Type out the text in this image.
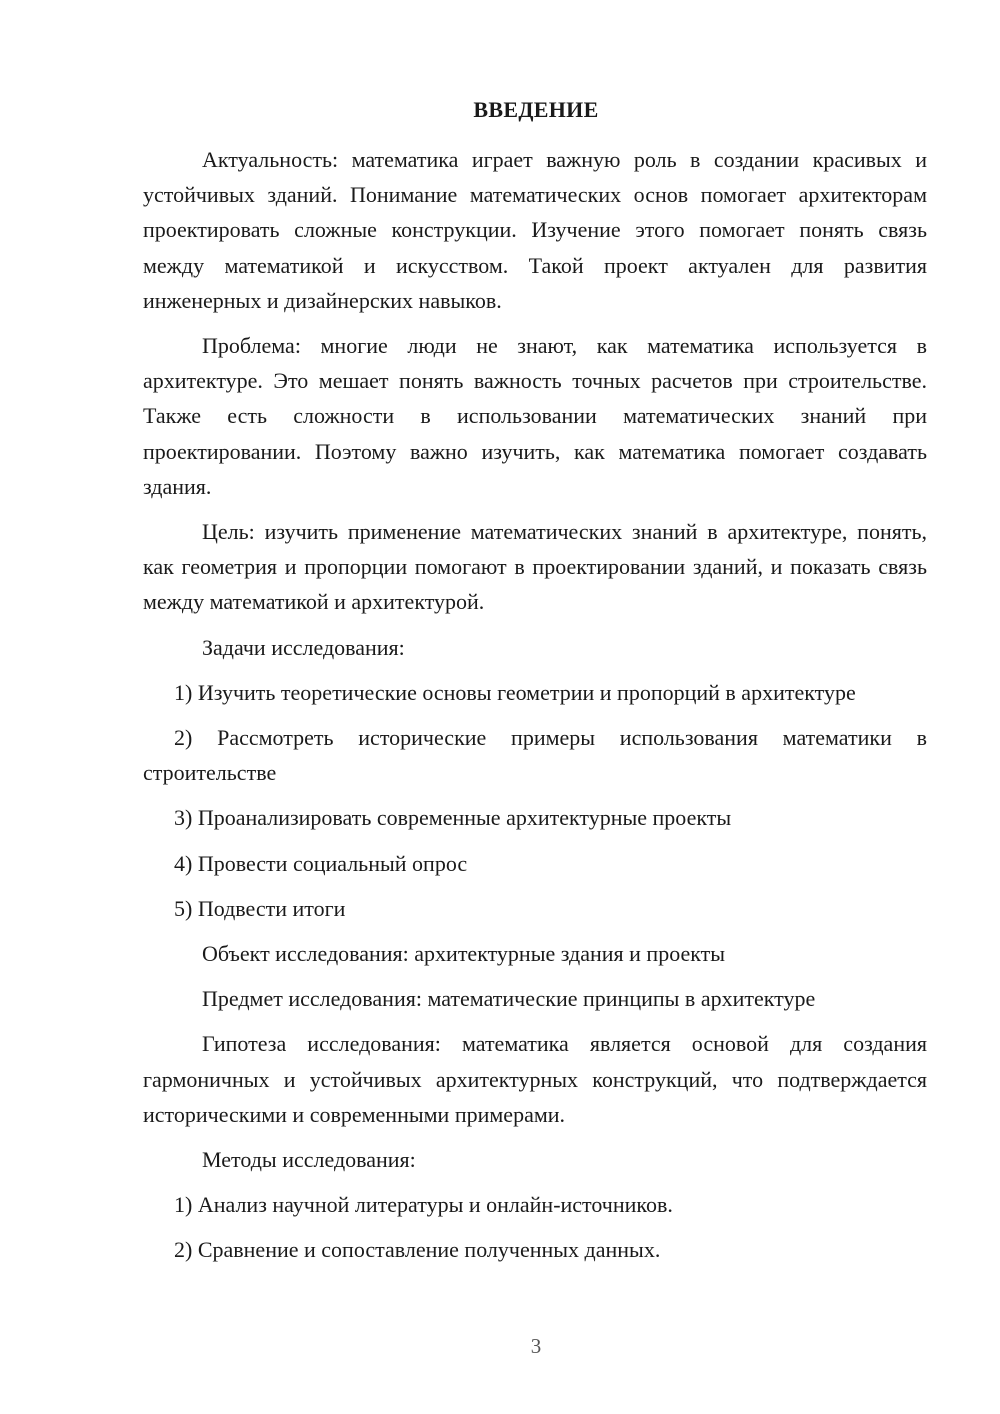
ВВЕДЕНИЕ

Актуальность: математика играет важную роль в создании красивых и устойчивых зданий. Понимание математических основ помогает архитекторам проектировать сложные конструкции. Изучение этого помогает понять связь между математикой и искусством. Такой проект актуален для развития инженерных и дизайнерских навыков.

Проблема: многие люди не знают, как математика используется в архитектуре. Это мешает понять важность точных расчетов при строительстве. Также есть сложности в использовании математических знаний при проектировании. Поэтому важно изучить, как математика помогает создавать здания.

Цель: изучить применение математических знаний в архитектуре, понять, как геометрия и пропорции помогают в проектировании зданий, и показать связь между математикой и архитектурой.

Задачи исследования:

1) Изучить теоретические основы геометрии и пропорций в архитектуре

2) Рассмотреть исторические примеры использования математики в строительстве

3) Проанализировать современные архитектурные проекты

4) Провести социальный опрос

5) Подвести итоги

Объект исследования: архитектурные здания и проекты

Предмет исследования: математические принципы в архитектуре

Гипотеза исследования: математика является основой для создания гармоничных и устойчивых архитектурных конструкций, что подтверждается историческими и современными примерами.

Методы исследования:

1) Анализ научной литературы и онлайн-источников.

2) Сравнение и сопоставление полученных данных.

3
